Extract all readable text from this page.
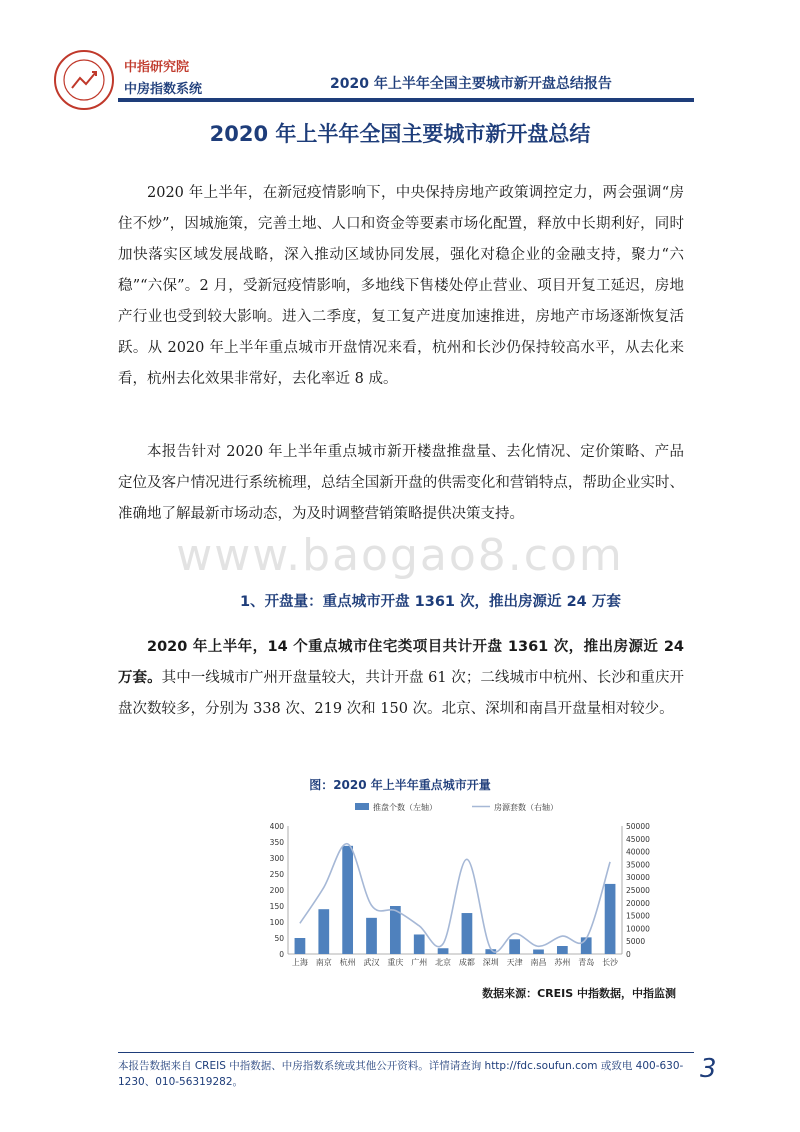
中指研究院
中房指数系统	2020 年上半年全国主要城市新开盘总结报告
2020 年上半年全国主要城市新开盘总结
www.baogao8.com
2020 年上半年，在新冠疫情影响下，中央保持房地产政策调控定力，两会强调“房住不炒”，因城施策，完善土地、人口和资金等要素市场化配置，释放中长期利好，同时加快落实区域发展战略，深入推动区域协同发展，强化对稳企业的金融支持，聚力“六稳”“六保”。2 月，受新冠疫情影响，多地线下售楼处停止营业、项目开复工延迟，房地产行业也受到较大影响。进入二季度，复工复产进度加速推进，房地产市场逐渐恢复活跃。从 2020 年上半年重点城市开盘情况来看，杭州和长沙仍保持较高水平，从去化来看，杭州去化效果非常好，去化率近 8 成。
本报告针对 2020 年上半年重点城市新开楼盘推盘量、去化情况、定价策略、产品定位及客户情况进行系统梳理，总结全国新开盘的供需变化和营销特点，帮助企业实时、准确地了解最新市场动态，为及时调整营销策略提供决策支持。
1、开盘量：重点城市开盘 1361 次，推出房源近 24 万套
2020 年上半年，14 个重点城市住宅类项目共计开盘 1361 次，推出房源近 24 万套。其中一线城市广州开盘量较大，共计开盘 61 次；二线城市中杭州、长沙和重庆开盘次数较多，分别为 338 次、219 次和 150 次。北京、深圳和南昌开盘量相对较少。
图：2020 年上半年重点城市开量
推盘个数（左轴）	房源套数（右轴）
0
50
100
150
200
250
300
350
400
0
5000
10000
15000
20000
25000
30000
35000
40000
45000
50000
上海 南京 杭州 武汉 重庆 广州 北京 成都 深圳 天津 南昌 苏州 青岛 长沙
数据来源：CREIS 中指数据，中指监测
本报告数据来自 CREIS 中指数据、中房指数系统或其他公开资料。详情请查询 http://fdc.soufun.com 或致电 400-630-1230、010-56319282。	3
